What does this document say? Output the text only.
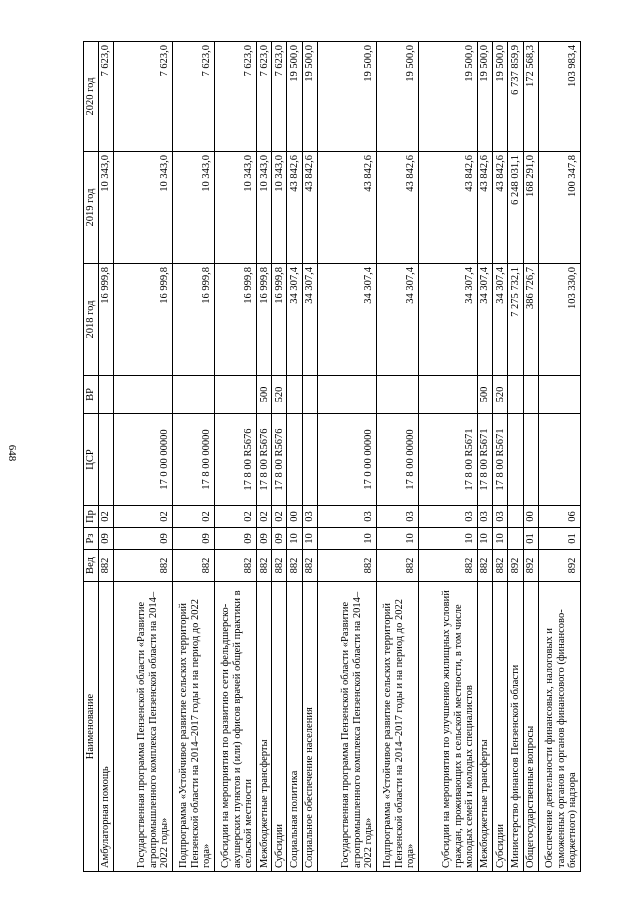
648
Наименование	Вед	Рз	Пр	ЦСР	ВР	2018 год	2019 год	2020 год
Амбулаторная помощь	882	09	02			16 999,8	10 343,0	7 623,0
Государственная программа Пензенской области «Развитие агропромышленного комплекса Пензенской области на 2014–2022 годы»	882	09	02	17 0 00 00000		16 999,8	10 343,0	7 623,0
Подпрограмма «Устойчивое развитие сельских территорий Пензенской области на 2014–2017 годы и на период до 2022 года»	882	09	02	17 8 00 00000		16 999,8	10 343,0	7 623,0
Субсидии на мероприятия по развитию сети фельдшерско-акушерских пунктов и (или) офисов врачей общей практики в сельской местности	882	09	02	17 8 00 R5676		16 999,8	10 343,0	7 623,0
Межбюджетные трансферты	882	09	02	17 8 00 R5676	500	16 999,8	10 343,0	7 623,0
Субсидии	882	09	02	17 8 00 R5676	520	16 999,8	10 343,0	7 623,0
Социальная политика	882	10	00			34 307,4	43 842,6	19 500,0
Социальное обеспечение населения	882	10	03			34 307,4	43 842,6	19 500,0
Государственная программа Пензенской области «Развитие агропромышленного комплекса Пензенской области на 2014–2022 годы»	882	10	03	17 0 00 00000		34 307,4	43 842,6	19 500,0
Подпрограмма «Устойчивое развитие сельских территорий Пензенской области на 2014–2017 годы и на период до 2022 года»	882	10	03	17 8 00 00000		34 307,4	43 842,6	19 500,0
Субсидии на мероприятия по улучшению жилищных условий граждан, проживающих в сельской местности, в том числе молодых семей и молодых специалистов	882	10	03	17 8 00 R5671		34 307,4	43 842,6	19 500,0
Межбюджетные трансферты	882	10	03	17 8 00 R5671	500	34 307,4	43 842,6	19 500,0
Субсидии	882	10	03	17 8 00 R5671	520	34 307,4	43 842,6	19 500,0
Министерство финансов Пензенской области	892					7 275 732,1	6 248 031,1	6 737 859,9
Общегосударственные вопросы	892	01	00			386 726,7	168 291,0	172 568,3
Обеспечение деятельности финансовых, налоговых и таможенных органов и органов финансового (финансово-бюджетного) надзора	892	01	06			103 330,0	100 347,8	103 983,4
